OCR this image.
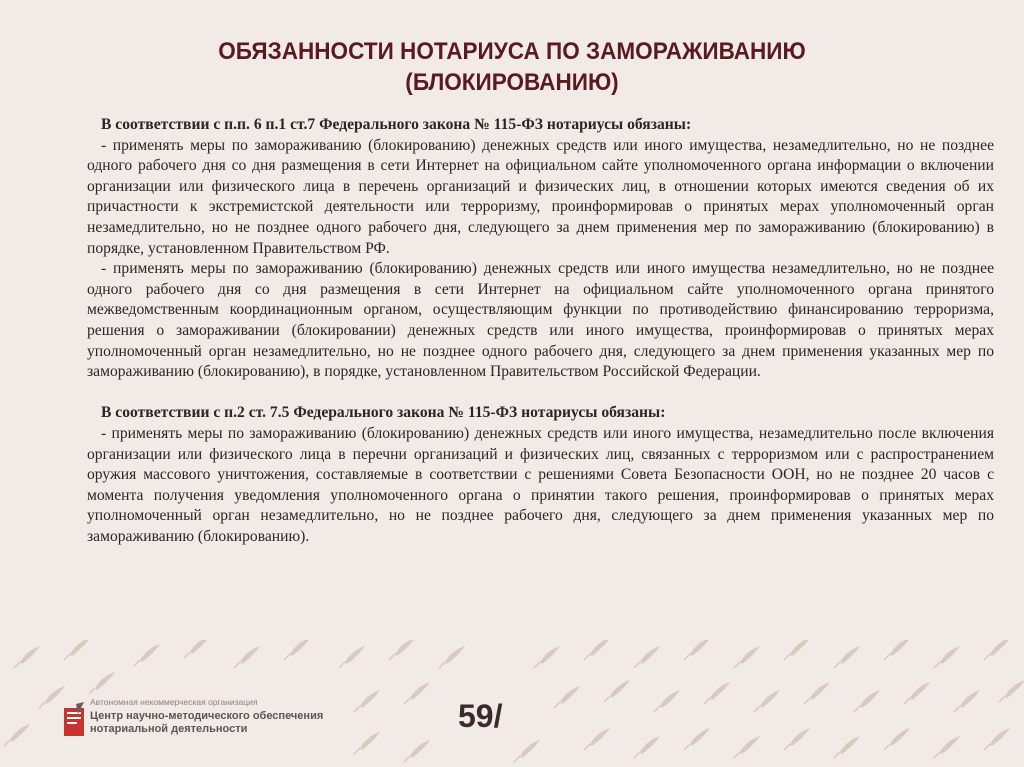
ОБЯЗАННОСТИ НОТАРИУСА ПО ЗАМОРАЖИВАНИЮ
(БЛОКИРОВАНИЮ)

В соответствии с п.п. 6 п.1 ст.7 Федерального закона № 115-ФЗ нотариусы обязаны:

- применять меры по замораживанию (блокированию) денежных средств или иного имущества, незамедлительно, но не позднее одного рабочего дня со дня размещения в сети Интернет на официальном сайте уполномоченного органа информации о включении организации или физического лица в перечень организаций и физических лиц, в отношении которых имеются сведения об их причастности к экстремистской деятельности или терроризму, проинформировав о принятых мерах уполномоченный орган незамедлительно, но не позднее одного рабочего дня, следующего за днем применения мер по замораживанию (блокированию) в порядке, установленном Правительством РФ.

- применять меры по замораживанию (блокированию) денежных средств или иного имущества незамедлительно, но не позднее одного рабочего дня со дня размещения в сети Интернет на официальном сайте уполномоченного органа принятого межведомственным координационным органом, осуществляющим функции по противодействию финансированию терроризма, решения о замораживании (блокировании) денежных средств или иного имущества, проинформировав о принятых мерах уполномоченный орган незамедлительно, но не позднее одного рабочего дня, следующего за днем применения указанных мер по замораживанию (блокированию), в порядке, установленном Правительством Российской Федерации.

В соответствии с п.2 ст. 7.5 Федерального закона № 115-ФЗ нотариусы обязаны:

- применять меры по замораживанию (блокированию) денежных средств или иного имущества, незамедлительно после включения организации или физического лица в перечни организаций и физических лиц, связанных с терроризмом или с распространением оружия массового уничтожения, составляемые в соответствии с решениями Совета Безопасности ООН, но не позднее 20 часов с момента получения уведомления уполномоченного органа о принятии такого решения, проинформировав о принятых мерах уполномоченный орган незамедлительно, но не позднее рабочего дня, следующего за днем применения указанных мер по замораживанию (блокированию).

Автономная некоммерческая организация
Центр научно-методического обеспечения
нотариальной деятельности	59/
